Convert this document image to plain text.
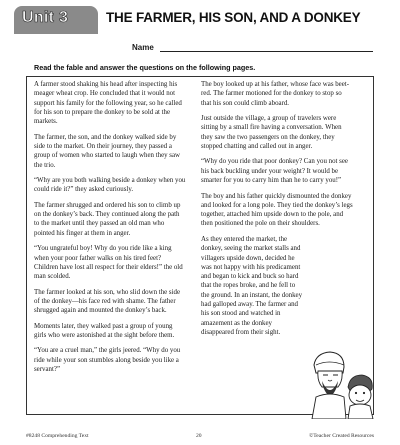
Unit 3	THE FARMER, HIS SON, AND A DONKEY
Name
Read the fable and answer the questions on the following pages.

A farmer stood shaking his head after inspecting his meager wheat crop. He concluded that it would not support his family for the following year, so he called for his son to prepare the donkey to be sold at the markets.

The farmer, the son, and the donkey walked side by side to the market. On their journey, they passed a group of women who started to laugh when they saw the trio.

“Why are you both walking beside a donkey when you could ride it?” they asked curiously.

The farmer shrugged and ordered his son to climb up on the donkey’s back. They continued along the path to the market until they passed an old man who pointed his finger at them in anger.

“You ungrateful boy! Why do you ride like a king when your poor father walks on his tired feet? Children have lost all respect for their elders!” the old man scolded.

The farmer looked at his son, who slid down the side of the donkey—his face red with shame. The father shrugged again and mounted the donkey’s back.

Moments later, they walked past a group of young girls who were astonished at the sight before them.

“You are a cruel man,” the girls jeered. “Why do you ride while your son stumbles along beside you like a servant?”

The boy looked up at his father, whose face was beet-red. The farmer motioned for the donkey to stop so that his son could climb aboard.

Just outside the village, a group of travelers were sitting by a small fire having a conversation. When they saw the two passengers on the donkey, they stopped chatting and called out in anger.

“Why do you ride that poor donkey? Can you not see his back buckling under your weight? It would be smarter for you to carry him than he to carry you!”

The boy and his father quickly dismounted the donkey and looked for a long pole. They tied the donkey’s legs together, attached him upside down to the pole, and then positioned the pole on their shoulders.

As they entered the market, the donkey, seeing the market stalls and villagers upside down, decided he was not happy with his predicament and began to kick and buck so hard that the ropes broke, and he fell to the ground. In an instant, the donkey had galloped away. The farmer and his son stood and watched in amazement as the donkey disappeared from their sight.

#8248 Comprehending Text	20	©Teacher Created Resources
